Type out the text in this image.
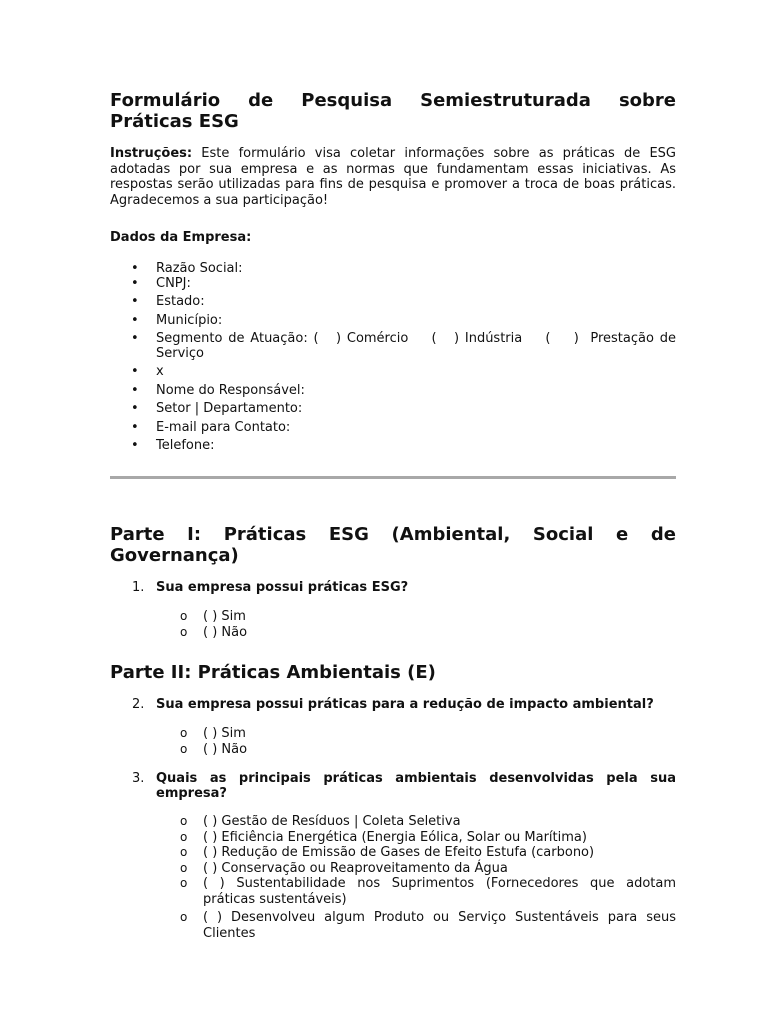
Formulário de Pesquisa Semiestruturada sobre
Práticas ESG

Instruções: Este formulário visa coletar informações sobre as práticas de ESG adotadas por sua empresa e as normas que fundamentam essas iniciativas. As respostas serão utilizadas para fins de pesquisa e promover a troca de boas práticas. Agradecemos a sua participação!

Dados da Empresa:
• Razão Social:
• CNPJ:
• Estado:
• Município:
• Segmento de Atuação: (   ) Comércio    (   ) Indústria    (    )  Prestação de
Serviço
• x
• Nome do Responsável:
• Setor | Departamento:
• E-mail para Contato:
• Telefone:
Parte I: Práticas ESG (Ambiental, Social e de
Governança)
1. Sua empresa possui práticas ESG?
o ( ) Sim
o ( ) Não
Parte II: Práticas Ambientais (E)
2. Sua empresa possui práticas para a redução de impacto ambiental?
o ( ) Sim
o ( ) Não
3. Quais as principais práticas ambientais desenvolvidas pela sua
empresa?
o ( ) Gestão de Resíduos | Coleta Seletiva
o ( ) Eficiência Energética (Energia Eólica, Solar ou Marítima)
o ( ) Redução de Emissão de Gases de Efeito Estufa (carbono)
o ( ) Conservação ou Reaproveitamento da Água
o ( ) Sustentabilidade nos Suprimentos (Fornecedores que adotam
práticas sustentáveis)
o ( ) Desenvolveu algum Produto ou Serviço Sustentáveis para seus
Clientes
